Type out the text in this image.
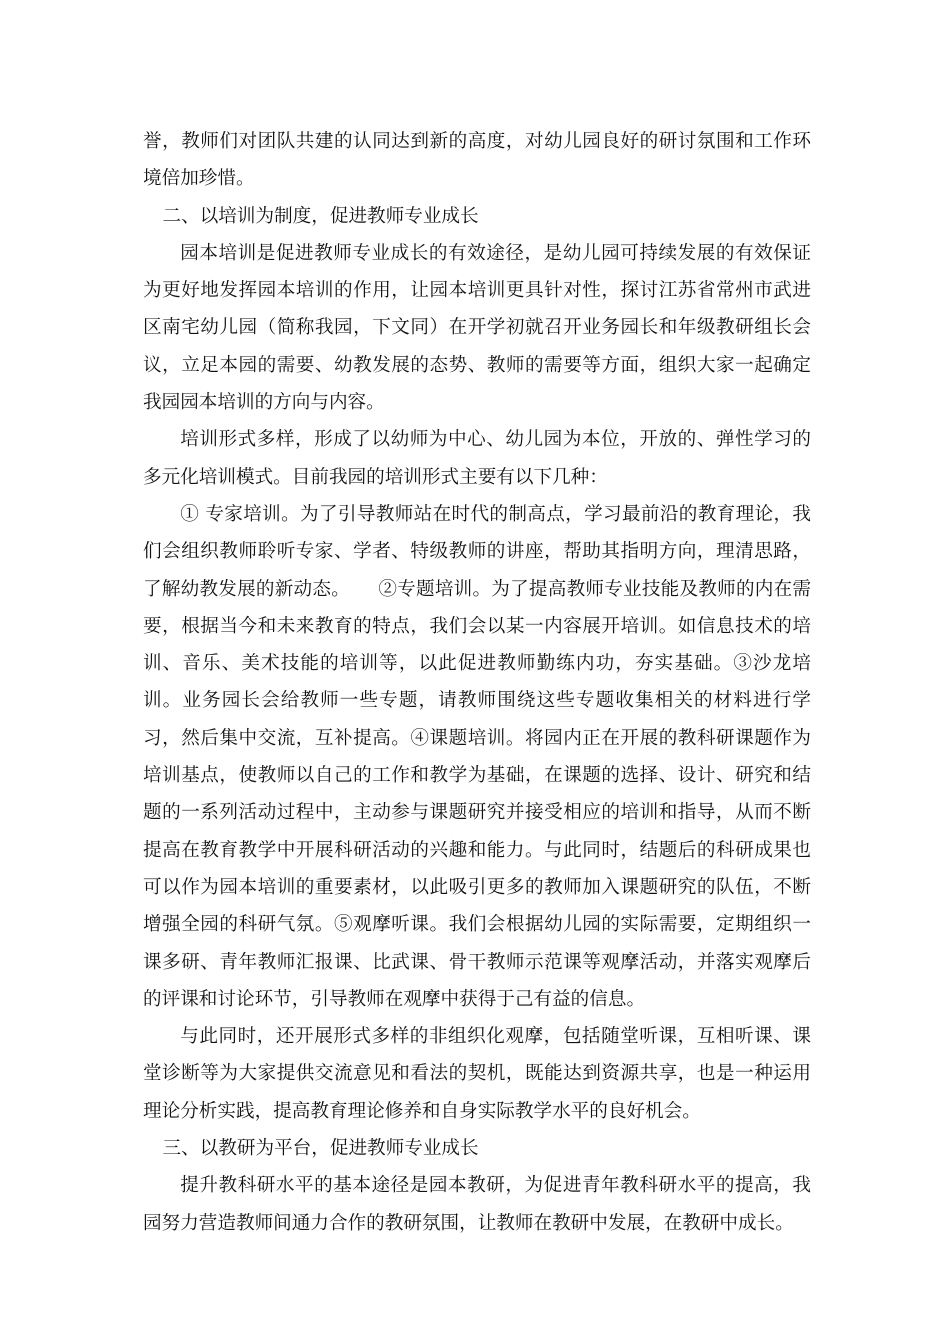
誉，教师们对团队共建的认同达到新的高度，对幼儿园良好的研讨氛围和工作环境倍加珍惜。

二、以培训为制度，促进教师专业成长

园本培训是促进教师专业成长的有效途径，是幼儿园可持续发展的有效保证为更好地发挥园本培训的作用，让园本培训更具针对性，探讨江苏省常州市武进区南宅幼儿园（简称我园，下文同）在开学初就召开业务园长和年级教研组长会议，立足本园的需要、幼教发展的态势、教师的需要等方面，组织大家一起确定我园园本培训的方向与内容。

培训形式多样，形成了以幼师为中心、幼儿园为本位，开放的、弹性学习的多元化培训模式。目前我园的培训形式主要有以下几种：

① 专家培训。为了引导教师站在时代的制高点，学习最前沿的教育理论，我们会组织教师聆听专家、学者、特级教师的讲座，帮助其指明方向，理清思路，了解幼教发展的新动态。　　②专题培训。为了提高教师专业技能及教师的内在需要，根据当今和未来教育的特点，我们会以某一内容展开培训。如信息技术的培训、音乐、美术技能的培训等，以此促进教师勤练内功，夯实基础。③沙龙培训。业务园长会给教师一些专题，请教师围绕这些专题收集相关的材料进行学习，然后集中交流，互补提高。④课题培训。将园内正在开展的教科研课题作为培训基点，使教师以自己的工作和教学为基础，在课题的选择、设计、研究和结题的一系列活动过程中，主动参与课题研究并接受相应的培训和指导，从而不断提高在教育教学中开展科研活动的兴趣和能力。与此同时，结题后的科研成果也可以作为园本培训的重要素材，以此吸引更多的教师加入课题研究的队伍，不断增强全园的科研气氛。⑤观摩听课。我们会根据幼儿园的实际需要，定期组织一课多研、青年教师汇报课、比武课、骨干教师示范课等观摩活动，并落实观摩后的评课和讨论环节，引导教师在观摩中获得于己有益的信息。

与此同时，还开展形式多样的非组织化观摩，包括随堂听课，互相听课、课堂诊断等为大家提供交流意见和看法的契机，既能达到资源共享，也是一种运用理论分析实践，提高教育理论修养和自身实际教学水平的良好机会。

三、以教研为平台，促进教师专业成长

提升教科研水平的基本途径是园本教研，为促进青年教科研水平的提高，我园努力营造教师间通力合作的教研氛围，让教师在教研中发展，在教研中成长。
